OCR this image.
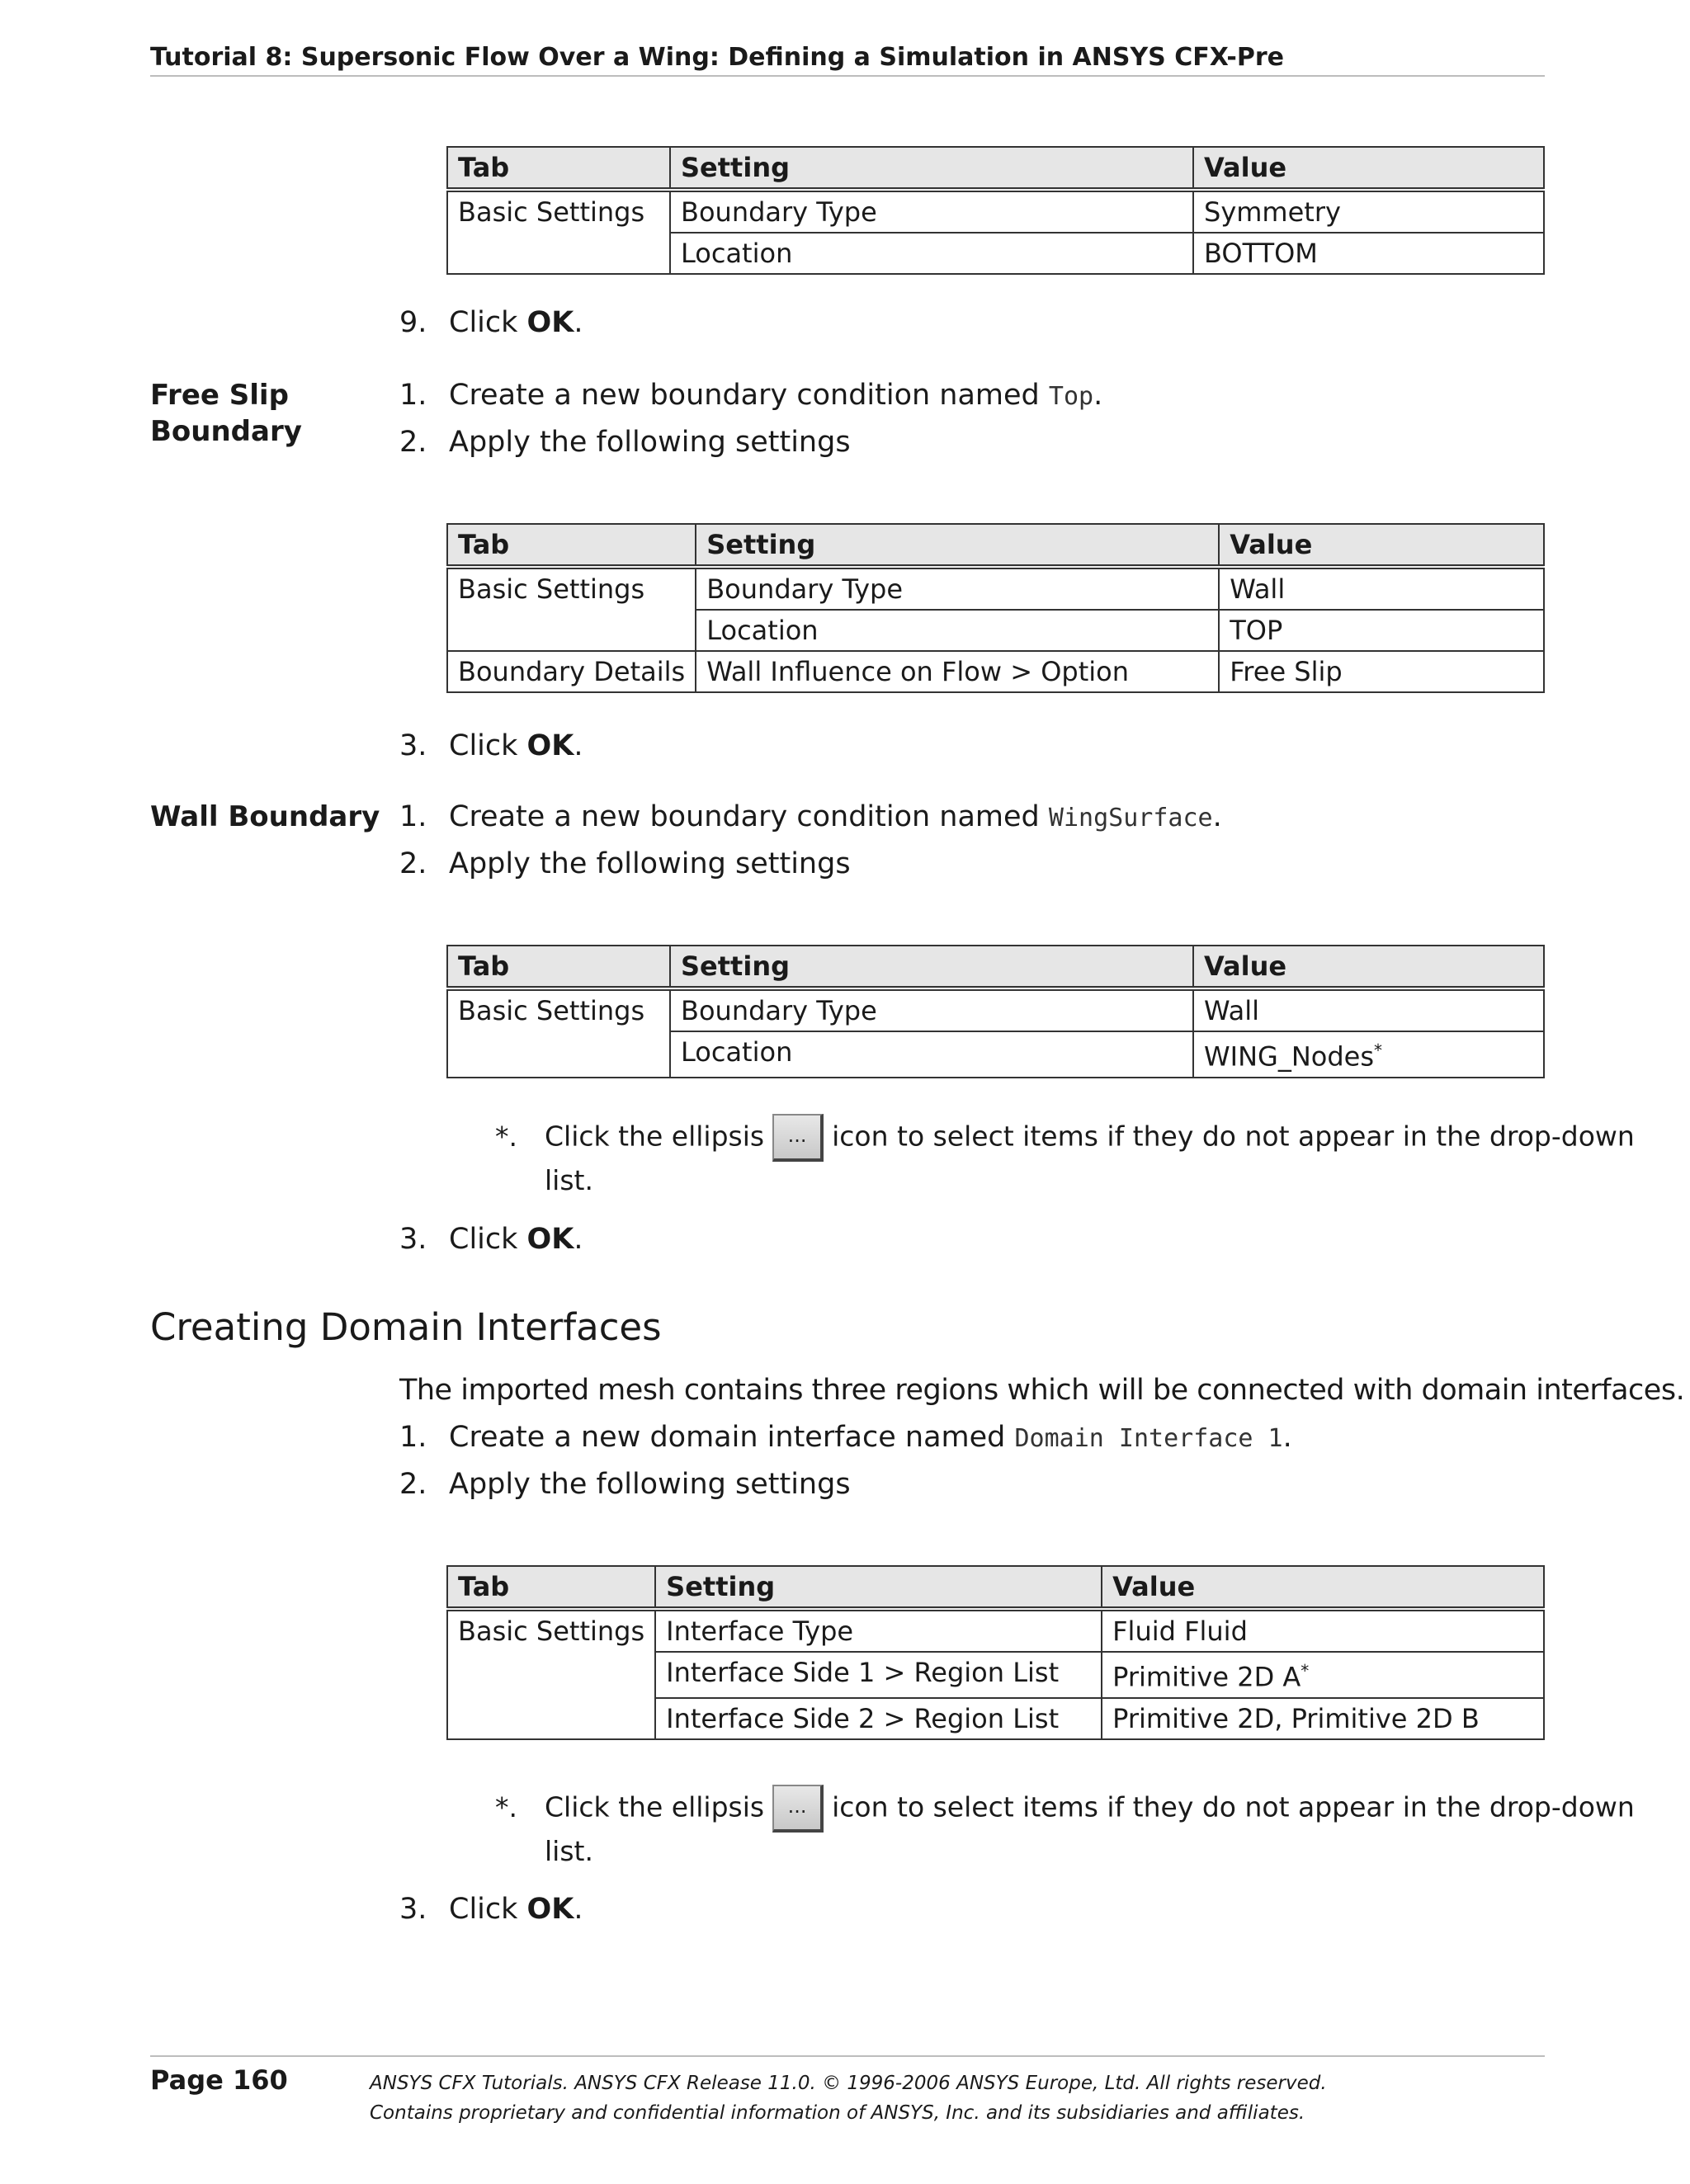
Tutorial 8: Supersonic Flow Over a Wing: Defining a Simulation in ANSYS CFX-Pre
Tab	Setting	Value
Basic Settings	Boundary Type	Symmetry
	Location	BOTTOM
9. Click OK.
Free Slip
Boundary
1. Create a new boundary condition named Top.
2. Apply the following settings
Tab	Setting	Value
Basic Settings	Boundary Type	Wall
	Location	TOP
Boundary Details	Wall Influence on Flow > Option	Free Slip
3. Click OK.
Wall Boundary 1. Create a new boundary condition named WingSurface.
2. Apply the following settings
Tab	Setting	Value
Basic Settings	Boundary Type	Wall
	Location	WING_Nodes*
*. Click the ellipsis ... icon to select items if they do not appear in the drop-down
list.
3. Click OK.
Creating Domain Interfaces
The imported mesh contains three regions which will be connected with domain interfaces.
1. Create a new domain interface named Domain Interface 1.
2. Apply the following settings
Tab	Setting	Value
Basic Settings	Interface Type	Fluid Fluid
	Interface Side 1 > Region List	Primitive 2D A*
	Interface Side 2 > Region List	Primitive 2D, Primitive 2D B
*. Click the ellipsis ... icon to select items if they do not appear in the drop-down
list.
3. Click OK.
Page 160	ANSYS CFX Tutorials. ANSYS CFX Release 11.0. © 1996-2006 ANSYS Europe, Ltd. All rights reserved.
Contains proprietary and confidential information of ANSYS, Inc. and its subsidiaries and affiliates.
